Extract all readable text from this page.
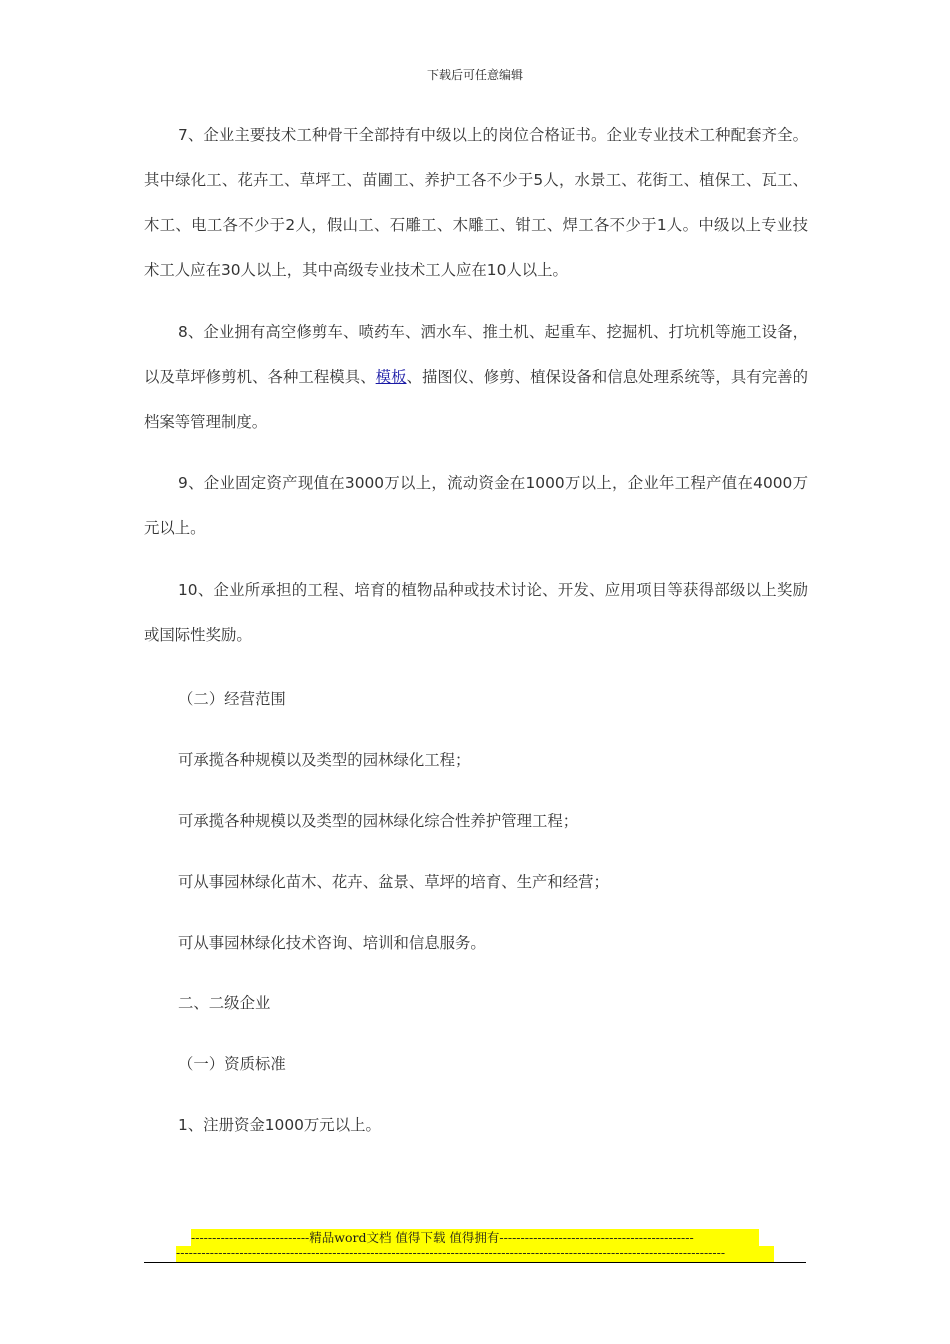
下载后可任意编辑

7、企业主要技术工种骨干全部持有中级以上的岗位合格证书。企业专业技术工种配套齐全。其中绿化工、花卉工、草坪工、苗圃工、养护工各不少于5人，水景工、花街工、植保工、瓦工、木工、电工各不少于2人，假山工、石雕工、木雕工、钳工、焊工各不少于1人。中级以上专业技术工人应在30人以上，其中高级专业技术工人应在10人以上。

8、企业拥有高空修剪车、喷药车、洒水车、推土机、起重车、挖掘机、打坑机等施工设备，以及草坪修剪机、各种工程模具、模板、描图仪、修剪、植保设备和信息处理系统等，具有完善的档案等管理制度。

9、企业固定资产现值在3000万以上，流动资金在1000万以上，企业年工程产值在4000万元以上。

10、企业所承担的工程、培育的植物品种或技术讨论、开发、应用项目等获得部级以上奖励或国际性奖励。

（二）经营范围

可承揽各种规模以及类型的园林绿化工程；

可承揽各种规模以及类型的园林绿化综合性养护管理工程；

可从事园林绿化苗木、花卉、盆景、草坪的培育、生产和经营；

可从事园林绿化技术咨询、培训和信息服务。

二、二级企业

（一）资质标准

1、注册资金1000万元以上。

----------------------------精品word文档 值得下载 值得拥有----------------------------------------------
----------------------------------------------------------------------------------------------------------------------------------
